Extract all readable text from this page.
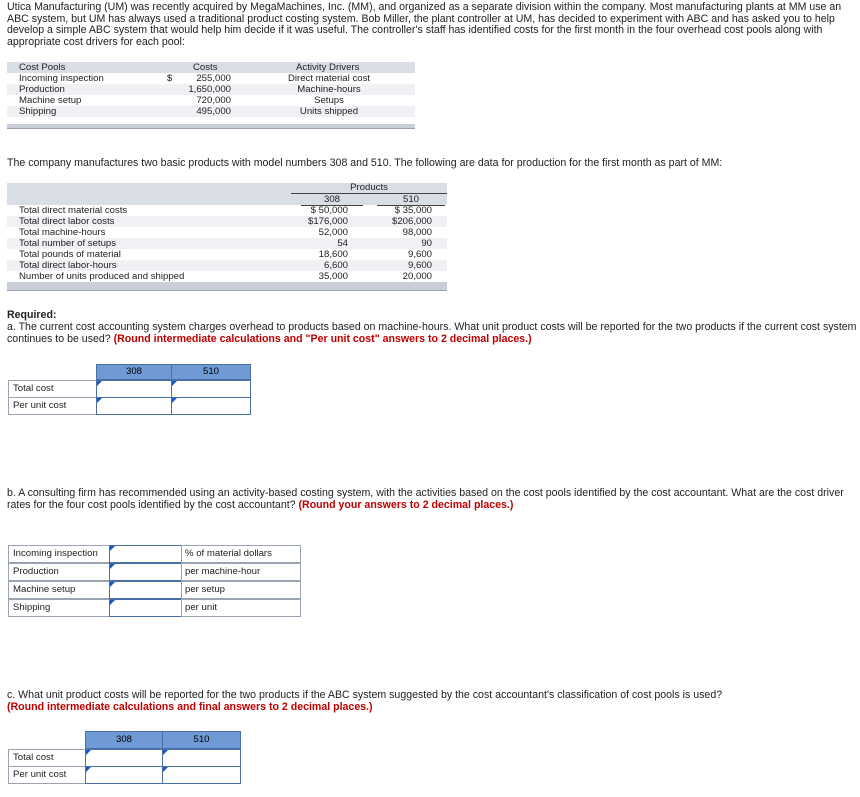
Utica Manufacturing (UM) was recently acquired by MegaMachines, Inc. (MM), and organized as a separate division within the company. Most manufacturing plants at MM use an ABC system, but UM has always used a traditional product costing system. Bob Miller, the plant controller at UM, has decided to experiment with ABC and has asked you to help develop a simple ABC system that would help him decide if it was useful. The controller's staff has identified costs for the first month in the four overhead cost pools along with appropriate cost drivers for each pool:
Cost Pools	Costs	Activity Drivers
Incoming inspection	$	255,000	Direct material cost
Production	1,650,000	Machine-hours
Machine setup	720,000	Setups
Shipping	495,000	Units shipped
The company manufactures two basic products with model numbers 308 and 510. The following are data for production for the first month as part of MM:
Products
308	510
Total direct material costs	$ 50,000	$ 35,000
Total direct labor costs	$176,000	$206,000
Total machine-hours	52,000	98,000
Total number of setups	54	90
Total pounds of material	18,600	9,600
Total direct labor-hours	6,600	9,600
Number of units produced and shipped	35,000	20,000
Required:
a. The current cost accounting system charges overhead to products based on machine-hours. What unit product costs will be reported for the two products if the current cost system continues to be used? (Round intermediate calculations and "Per unit cost" answers to 2 decimal places.)
308	510
Total cost
Per unit cost
b. A consulting firm has recommended using an activity-based costing system, with the activities based on the cost pools identified by the cost accountant. What are the cost driver rates for the four cost pools identified by the cost accountant? (Round your answers to 2 decimal places.)
Incoming inspection	% of material dollars
Production	per machine-hour
Machine setup	per setup
Shipping	per unit
c. What unit product costs will be reported for the two products if the ABC system suggested by the cost accountant's classification of cost pools is used?
(Round intermediate calculations and final answers to 2 decimal places.)
308	510
Total cost
Per unit cost
